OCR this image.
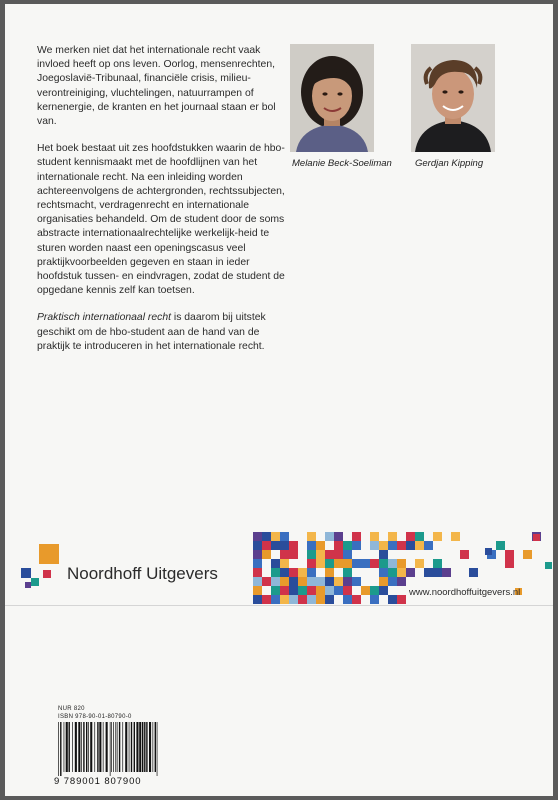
We merken niet dat het internationale recht vaak invloed heeft op ons leven. Oorlog, mensenrechten, Joegoslavië-Tribunaal, financiële crisis, milieu-verontreiniging, vluchtelingen, natuurrampen of kernenergie, de kranten en het journaal staan er bol van.

Het boek bestaat uit zes hoofdstukken waarin de hbo-student kennismaakt met de hoofdlijnen van het internationale recht. Na een inleiding worden achtereenvolgens de achtergronden, rechtssubjecten, rechtsmacht, verdragenrecht en internationale organisaties behandeld. Om de student door de soms abstracte internationaalrechtelijke werkelijk-heid te sturen worden naast een openingscasus veel praktijkvoorbeelden gegeven en staan in ieder hoofdstuk tussen- en eindvragen, zodat de student de opgedane kennis zelf kan toetsen.

Praktisch internationaal recht is daarom bij uitstek geschikt om de hbo-student aan de hand van de praktijk te introduceren in het internationale recht.

Melanie Beck-Soeliman Gerdjan Kipping
Noordhoff Uitgevers
www.noordhoffuitgevers.nl
NUR 820
ISBN 978-90-01-80790-0
9 789001 807900
